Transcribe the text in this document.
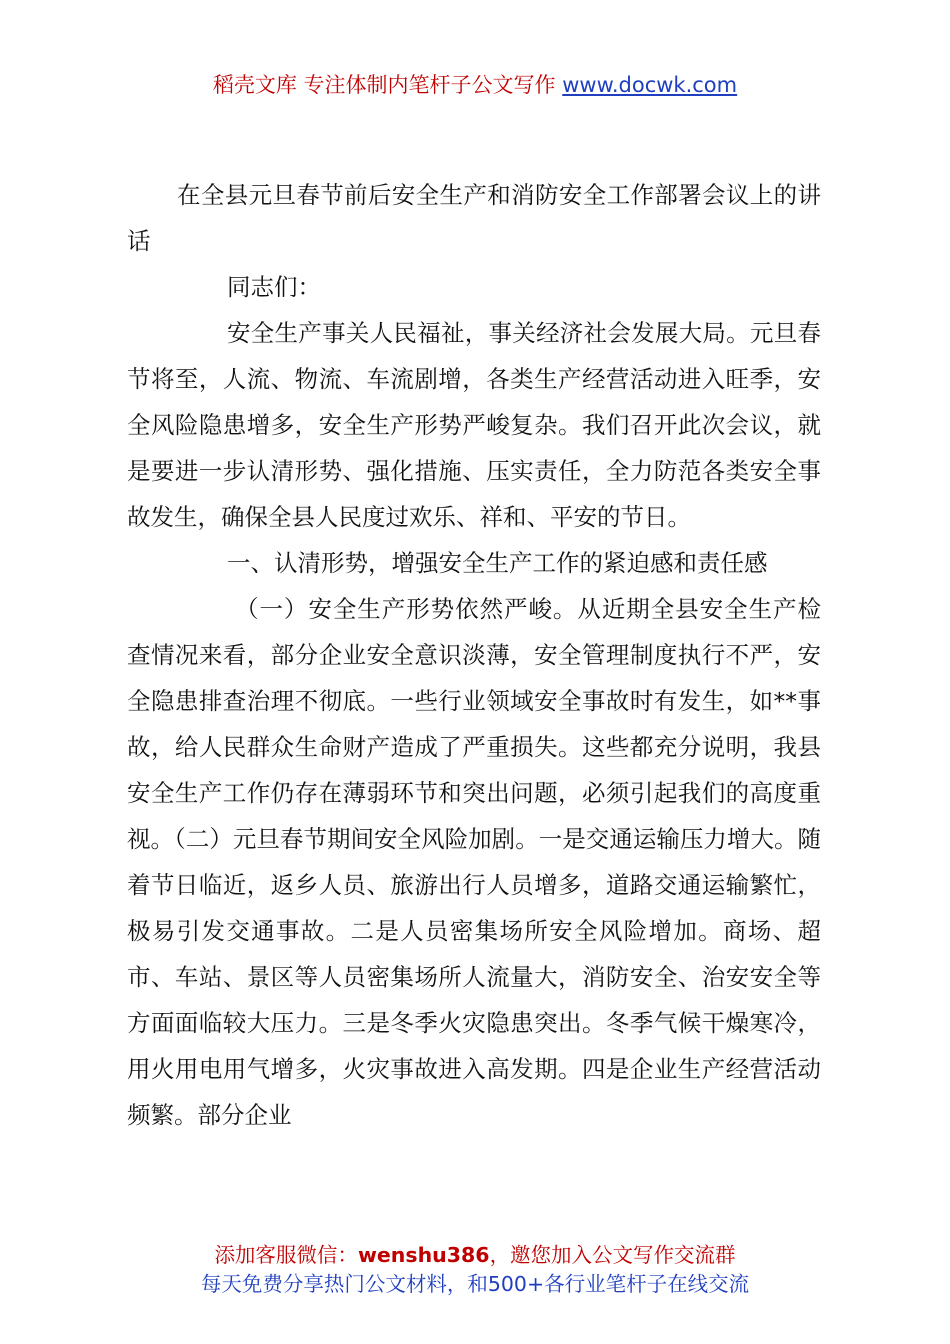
稻壳文库 专注体制内笔杆子公文写作 www.docwk.com

在全县元旦春节前后安全生产和消防安全工作部署会议上的讲话

同志们：

安全生产事关人民福祉，事关经济社会发展大局。元旦春节将至，人流、物流、车流剧增，各类生产经营活动进入旺季，安全风险隐患增多，安全生产形势严峻复杂。我们召开此次会议，就是要进一步认清形势、强化措施、压实责任，全力防范各类安全事故发生，确保全县人民度过欢乐、祥和、平安的节日。

一、认清形势，增强安全生产工作的紧迫感和责任感

（一）安全生产形势依然严峻。从近期全县安全生产检查情况来看，部分企业安全意识淡薄，安全管理制度执行不严，安全隐患排查治理不彻底。一些行业领域安全事故时有发生，如**事故，给人民群众生命财产造成了严重损失。这些都充分说明，我县安全生产工作仍存在薄弱环节和突出问题，必须引起我们的高度重视。（二）元旦春节期间安全风险加剧。一是交通运输压力增大。随着节日临近，返乡人员、旅游出行人员增多，道路交通运输繁忙，极易引发交通事故。二是人员密集场所安全风险增加。商场、超市、车站、景区等人员密集场所人流量大，消防安全、治安安全等方面面临较大压力。三是冬季火灾隐患突出。冬季气候干燥寒冷，用火用电用气增多，火灾事故进入高发期。四是企业生产经营活动频繁。部分企业

添加客服微信：wenshu386，邀您加入公文写作交流群
每天免费分享热门公文材料，和500+各行业笔杆子在线交流
